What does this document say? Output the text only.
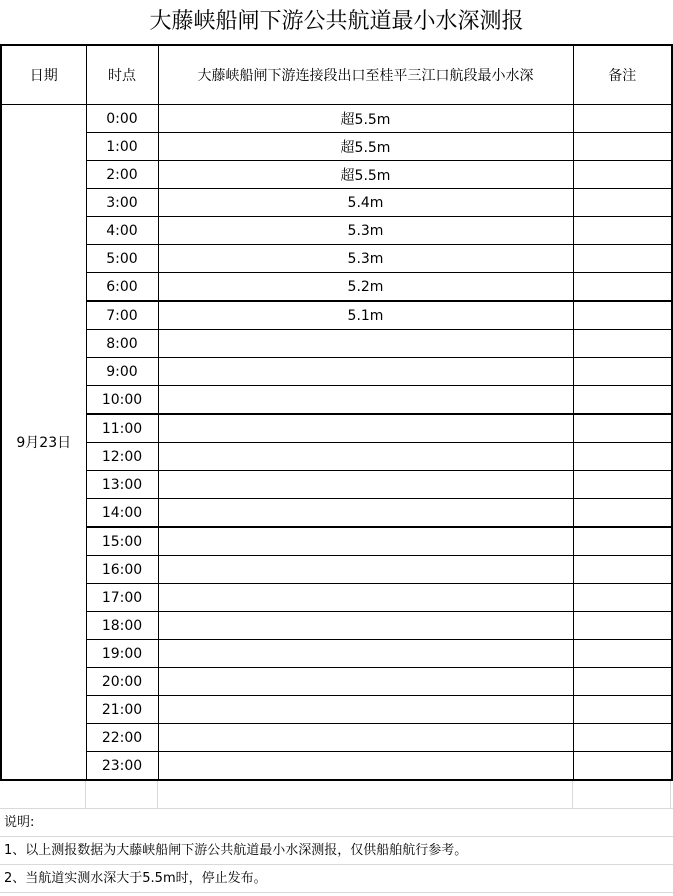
大藤峡船闸下游公共航道最小水深测报
日期	时点	大藤峡船闸下游连接段出口至桂平三江口航段最小水深	备注
9月23日	0:00	超5.5m	
	1:00	超5.5m	
	2:00	超5.5m	
	3:00	5.4m	
	4:00	5.3m	
	5:00	5.3m	
	6:00	5.2m	
	7:00	5.1m	
	8:00		
	9:00		
	10:00		
	11:00		
	12:00		
	13:00		
	14:00		
	15:00		
	16:00		
	17:00		
	18:00		
	19:00		
	20:00		
	21:00		
	22:00		
	23:00		
说明:
1、以上测报数据为大藤峡船闸下游公共航道最小水深测报，仅供船舶航行参考。
2、当航道实测水深大于5.5m时，停止发布。
